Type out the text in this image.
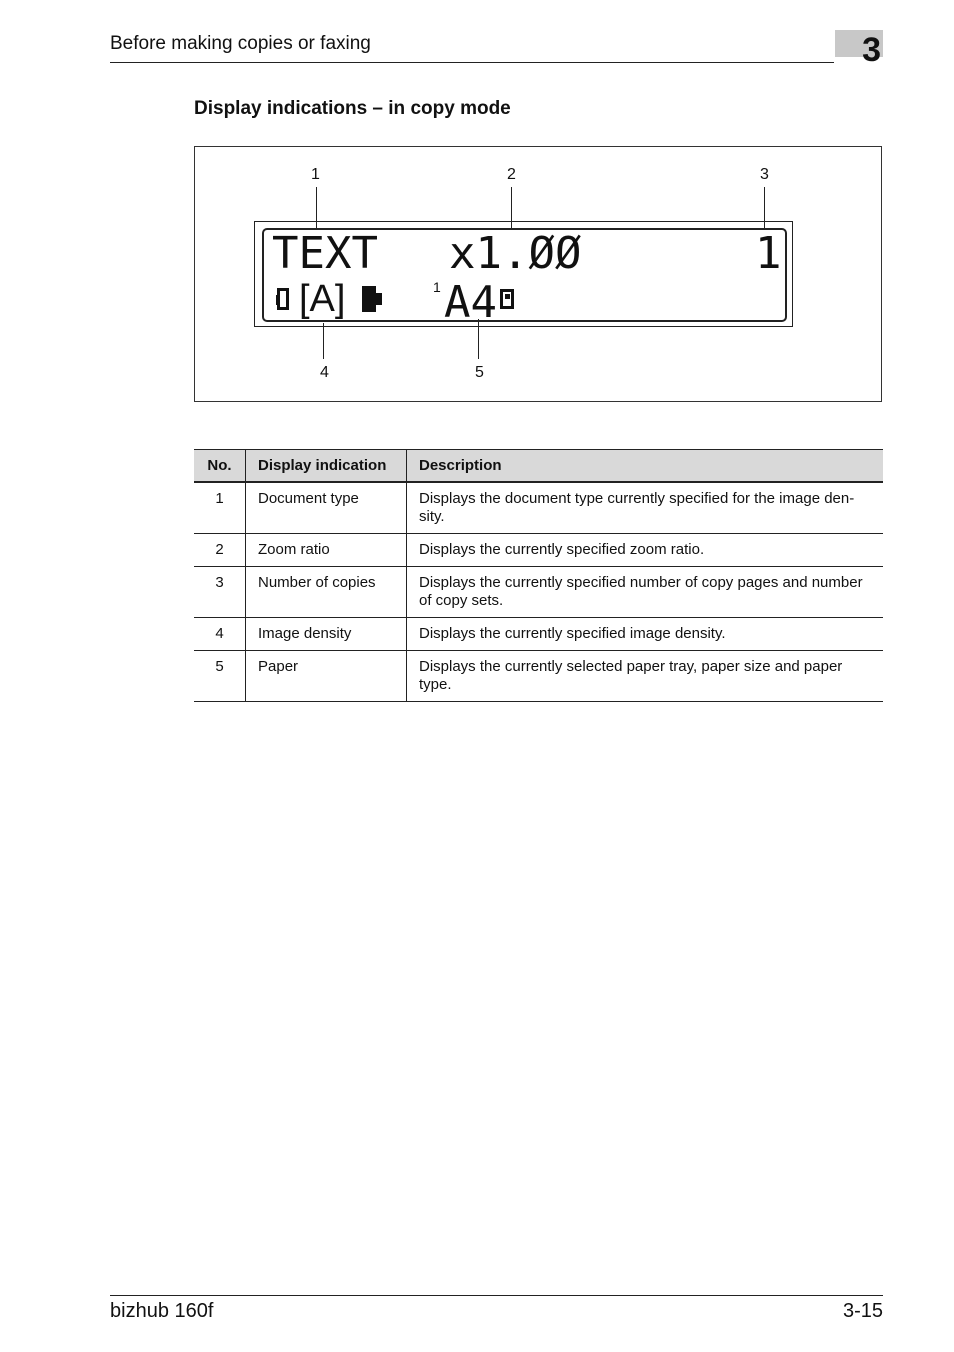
Before making copies or faxing	3
Display indications – in copy mode
1	2	3
4	5
TEXT x1.ØØ	1
[A]	1 A4
No.	Display indication	Description
1	Document type	Displays the document type currently specified for the image den- sity.
2	Zoom ratio	Displays the currently specified zoom ratio.
3	Number of copies	Displays the currently specified number of copy pages and number of copy sets.
4	Image density	Displays the currently specified image density.
5	Paper	Displays the currently selected paper tray, paper size and paper type.
bizhub 160f	3-15
